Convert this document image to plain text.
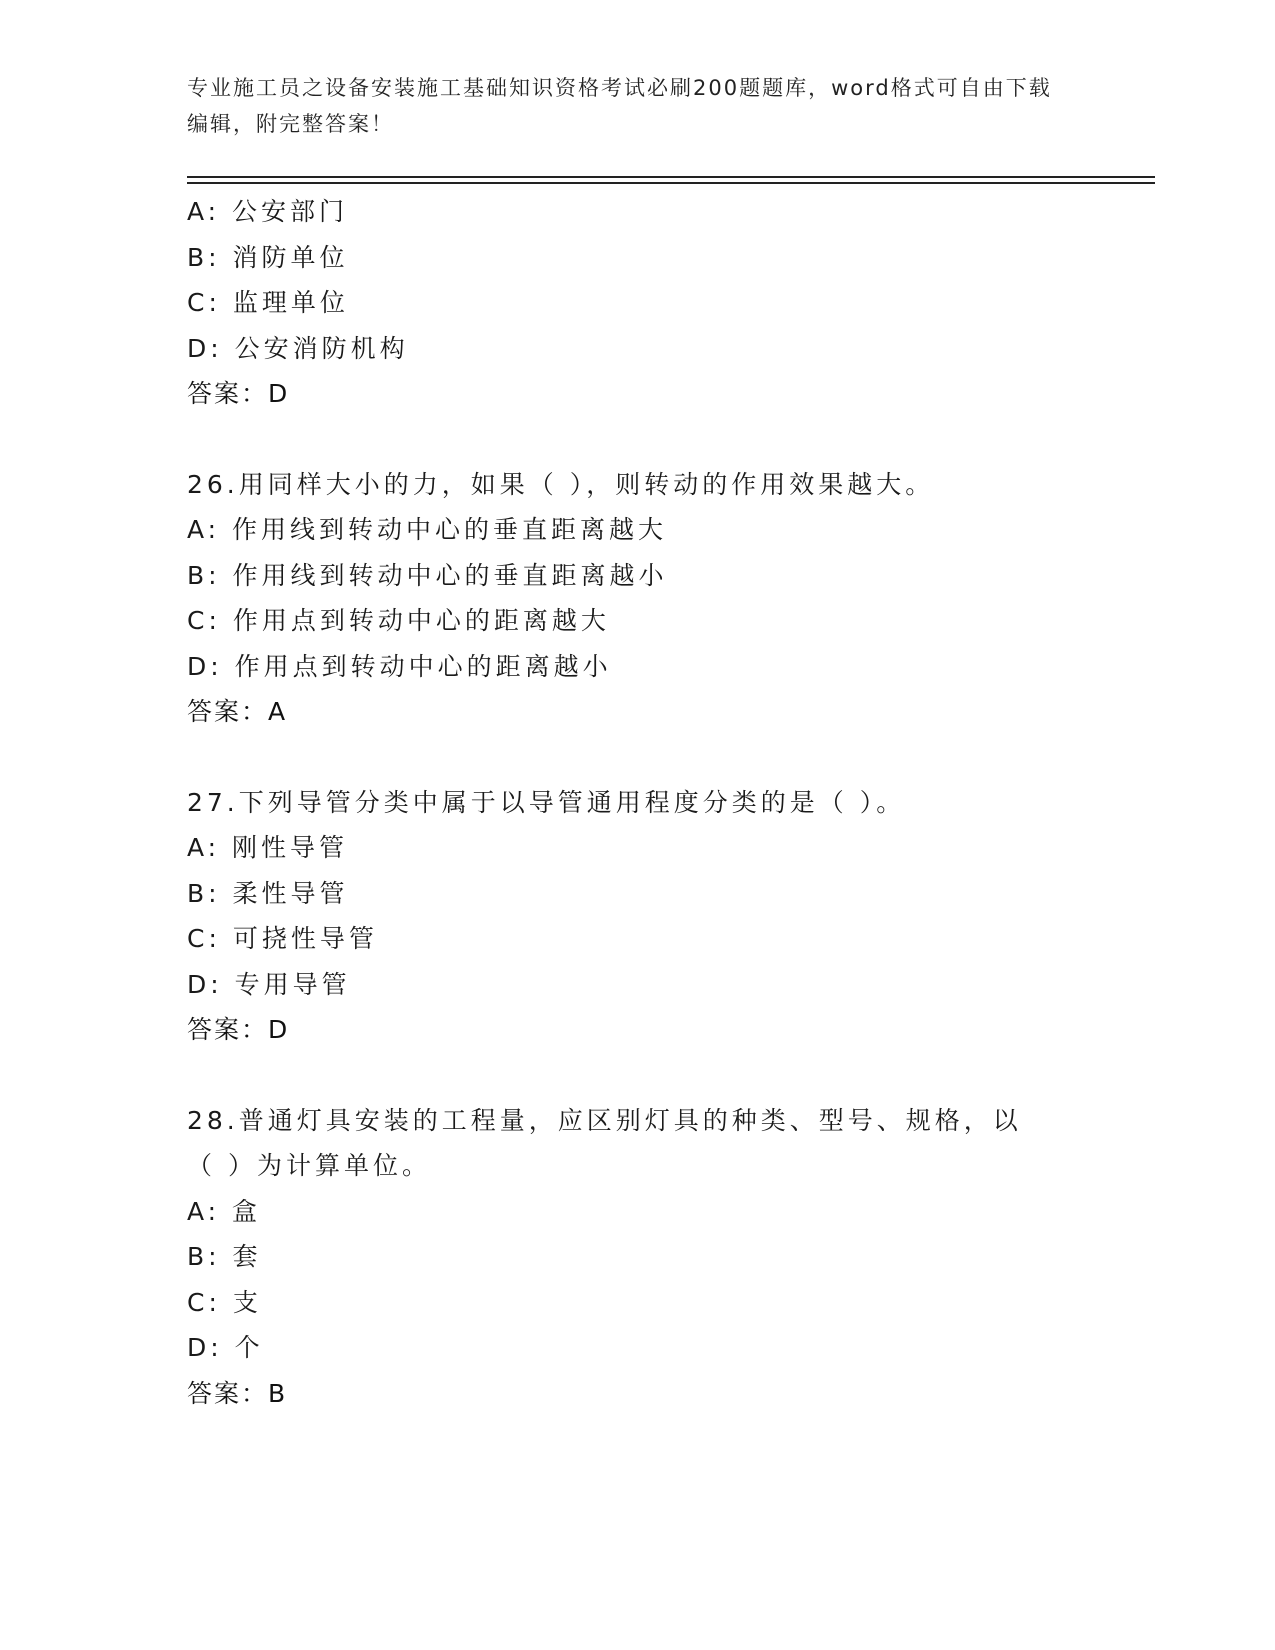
专业施工员之设备安装施工基础知识资格考试必刷200题题库，word格式可自由下载编辑，附完整答案！
A: 公安部门
B: 消防单位
C: 监理单位
D: 公安消防机构
答案：D
26.用同样大小的力，如果（ ），则转动的作用效果越大。
A: 作用线到转动中心的垂直距离越大
B: 作用线到转动中心的垂直距离越小
C: 作用点到转动中心的距离越大
D: 作用点到转动中心的距离越小
答案：A
27.下列导管分类中属于以导管通用程度分类的是（ ）。
A: 刚性导管
B: 柔性导管
C: 可挠性导管
D: 专用导管
答案：D
28.普通灯具安装的工程量，应区别灯具的种类、型号、规格，以（ ）为计算单位。
A: 盒
B: 套
C: 支
D: 个
答案：B
